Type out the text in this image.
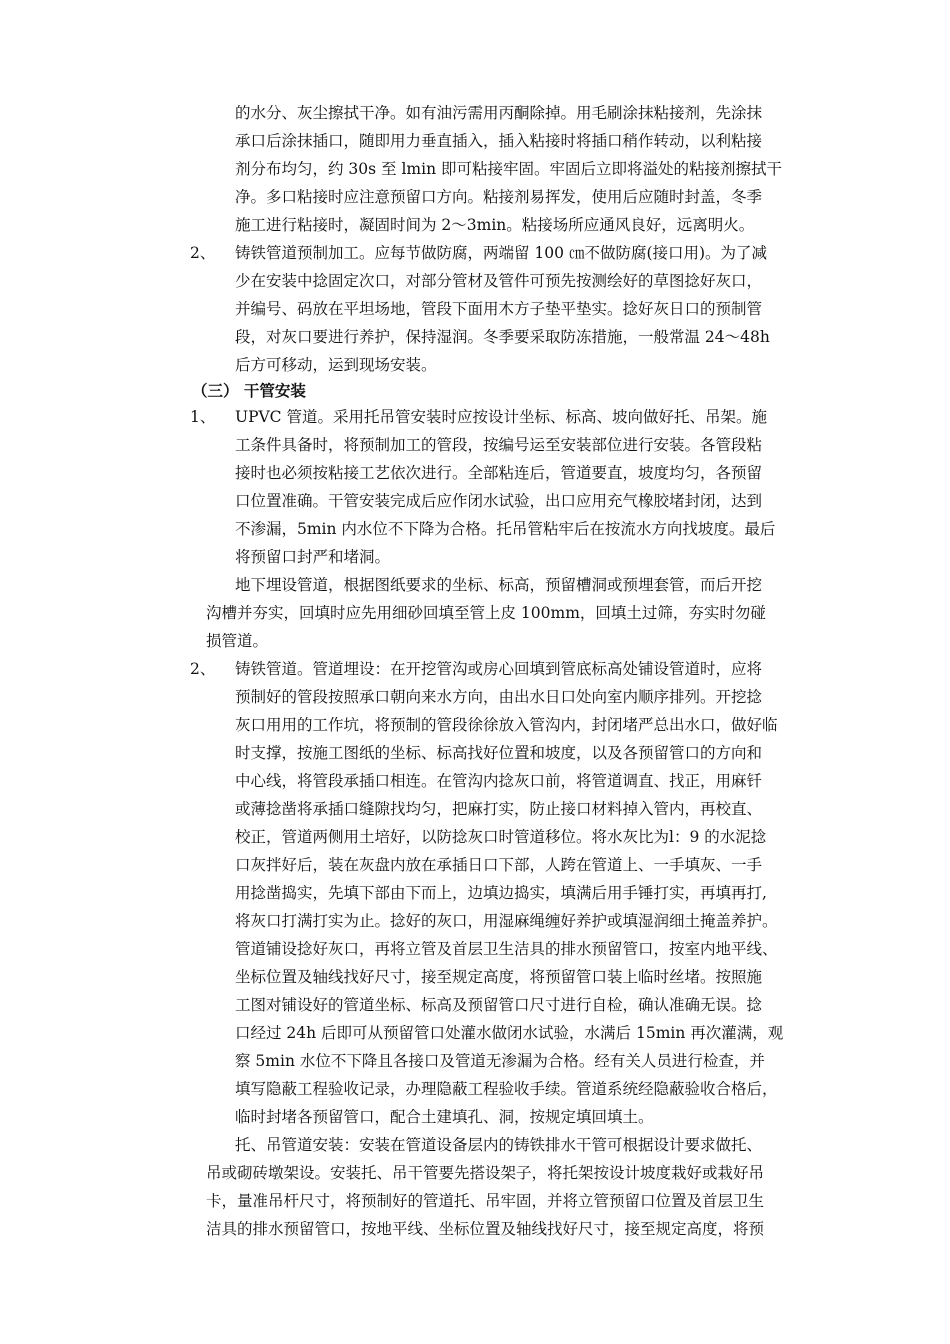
的水分、灰尘擦拭干净。如有油污需用丙酮除掉。用毛刷涂抹粘接剂，先涂抹
承口后涂抹插口，随即用力垂直插入，插入粘接时将插口稍作转动，以利粘接
剂分布均匀，约 30s 至 lmin 即可粘接牢固。牢固后立即将溢处的粘接剂擦拭干
净。多口粘接时应注意预留口方向。粘接剂易挥发，使用后应随时封盖，冬季
施工进行粘接时，凝固时间为 2～3min。粘接场所应通风良好，远离明火。
2、 铸铁管道预制加工。应每节做防腐，两端留 100 ㎝不做防腐(接口用)。为了减
少在安装中捻固定次口，对部分管材及管件可预先按测绘好的草图捻好灰口，
并编号、码放在平坦场地，管段下面用木方子垫平垫实。捻好灰日口的预制管
段，对灰口要进行养护，保持湿润。冬季要采取防冻措施，一般常温 24～48h
后方可移动，运到现场安装。
（三） 干管安装
1、 UPVC 管道。采用托吊管安装时应按设计坐标、标高、坡向做好托、吊架。施
工条件具备时，将预制加工的管段，按编号运至安装部位进行安装。各管段粘
接时也必须按粘接工艺依次进行。全部粘连后，管道要直，坡度均匀，各预留
口位置准确。干管安装完成后应作闭水试验，出口应用充气橡胶堵封闭，达到
不渗漏，5min 内水位不下降为合格。托吊管粘牢后在按流水方向找坡度。最后
将预留口封严和堵洞。
地下埋设管道，根据图纸要求的坐标、标高，预留槽洞或预埋套管，而后开挖
沟槽并夯实，回填时应先用细砂回填至管上皮 100mm，回填土过筛，夯实时勿碰
损管道。
2、 铸铁管道。管道埋设：在开挖管沟或房心回填到管底标高处铺设管道时，应将
预制好的管段按照承口朝向来水方向，由出水日口处向室内顺序排列。开挖捻
灰口用用的工作坑，将预制的管段徐徐放入管沟内，封闭堵严总出水口，做好临
时支撑，按施工图纸的坐标、标高找好位置和坡度，以及各预留管口的方向和
中心线，将管段承插口相连。在管沟内捻灰口前，将管道调直、找正，用麻钎
或薄捻凿将承插口缝隙找均匀，把麻打实，防止接口材料掉入管内，再校直、
校正，管道两侧用土培好，以防捻灰口时管道移位。将水灰比为l：9 的水泥捻
口灰拌好后，装在灰盘内放在承插日口下部，人跨在管道上、一手填灰、一手
用捻凿捣实，先填下部由下而上，边填边捣实，填满后用手锤打实，再填再打,
将灰口打满打实为止。捻好的灰口，用湿麻绳缠好养护或填湿润细土掩盖养护。
管道铺设捻好灰口，再将立管及首层卫生洁具的排水预留管口，按室内地平线、
坐标位置及轴线找好尺寸，接至规定高度，将预留管口装上临时丝堵。按照施
工图对铺设好的管道坐标、标高及预留管口尺寸进行自检，确认准确无误。捻
口经过 24h 后即可从预留管口处灌水做闭水试验，水满后 15min 再次灌满，观
察 5min 水位不下降且各接口及管道无渗漏为合格。经有关人员进行检查，并
填写隐蔽工程验收记录，办理隐蔽工程验收手续。管道系统经隐蔽验收合格后，
临时封堵各预留管口，配合土建填孔、洞，按规定填回填土。
托、吊管道安装：安装在管道设备层内的铸铁排水干管可根据设计要求做托、
吊或砌砖墩架设。安装托、吊干管要先搭设架子，将托架按设计坡度栽好或栽好吊
卡，量准吊杆尺寸，将预制好的管道托、吊牢固，并将立管预留口位置及首层卫生
洁具的排水预留管口，按地平线、坐标位置及轴线找好尺寸，接至规定高度，将预
